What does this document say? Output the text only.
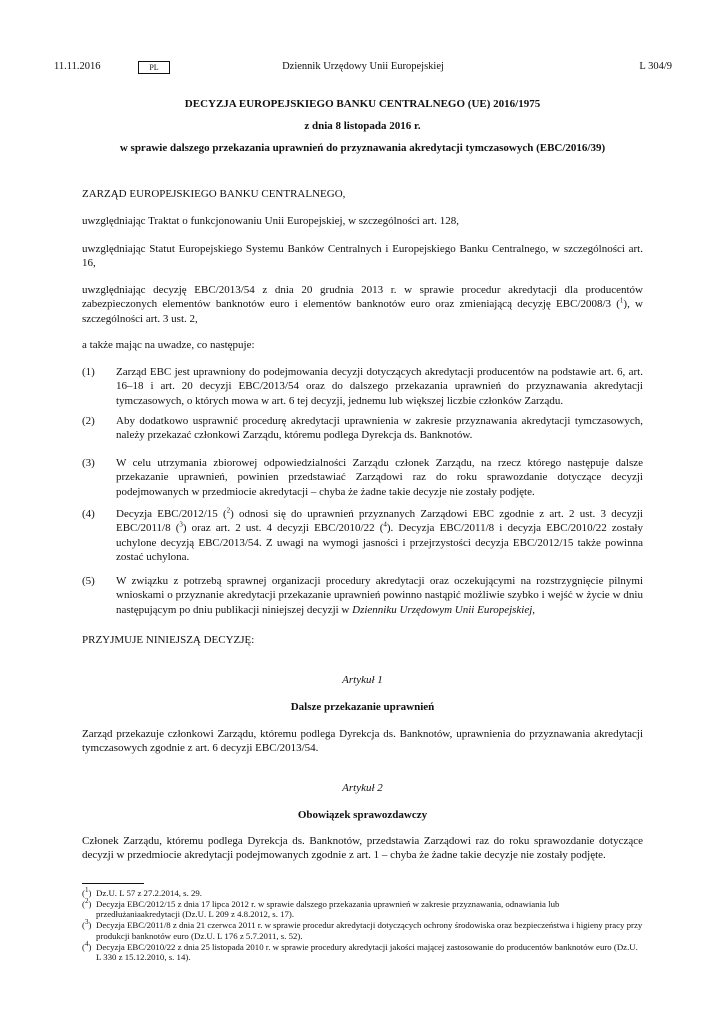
11.11.2016	Dziennik Urzędowy Unii Europejskiej
PL	L 304/9
DECYZJA EUROPEJSKIEGO BANKU CENTRALNEGO (UE) 2016/1975
z dnia 8 listopada 2016 r.
w sprawie dalszego przekazania uprawnień do przyznawania akredytacji tymczasowych (EBC/2016/39)
ZARZĄD EUROPEJSKIEGO BANKU CENTRALNEGO,
uwzględniając Traktat o funkcjonowaniu Unii Europejskiej, w szczególności art. 128,
uwzględniając Statut Europejskiego Systemu Banków Centralnych i Europejskiego Banku Centralnego, w szczególności art. 16,
uwzględniając decyzję EBC/2013/54 z dnia 20 grudnia 2013 r. w sprawie procedur akredytacji dla producentów zabezpieczonych elementów banknotów euro i elementów banknotów euro oraz zmieniającą decyzję EBC/2008/3 ($^1$), w szczególności art. 3 ust. 2,
a także mając na uwadze, co następuje:
(1) Zarząd EBC jest uprawniony do podejmowania decyzji dotyczących akredytacji producentów na podstawie art. 6, art. 16–18 i art. 20 decyzji EBC/2013/54 oraz do dalszego przekazania uprawnień do przyznawania akredytacji tymczasowych, o których mowa w art. 6 tej decyzji, jednemu lub większej liczbie członków Zarządu.
(2) Aby dodatkowo usprawnić procedurę akredytacji uprawnienia w zakresie przyznawania akredytacji tymczasowych, należy przekazać członkowi Zarządu, któremu podlega Dyrekcja ds. Banknotów.
(3) W celu utrzymania zbiorowej odpowiedzialności Zarządu członek Zarządu, na rzecz którego następuje dalsze przekazanie uprawnień, powinien przedstawiać Zarządowi raz do roku sprawozdanie dotyczące decyzji podejmowanych w przedmiocie akredytacji – chyba że żadne takie decyzje nie zostały podjęte.
(4) Decyzja EBC/2012/15 ($^2$) odnosi się do uprawnień przyznanych Zarządowi EBC zgodnie z art. 2 ust. 3 decyzji EBC/2011/8 ($^3$) oraz art. 2 ust. 4 decyzji EBC/2010/22 ($^4$). Decyzja EBC/2011/8 i decyzja EBC/2010/22 zostały uchylone decyzją EBC/2013/54. Z uwagi na wymogi jasności i przejrzystości decyzja EBC/2012/15 także powinna zostać uchylona.
(5) W związku z potrzebą sprawnej organizacji procedury akredytacji oraz oczekującymi na rozstrzygnięcie pilnymi wnioskami o przyznanie akredytacji przekazanie uprawnień powinno nastąpić możliwie szybko i wejść w życie w dniu następującym po dniu publikacji niniejszej decyzji w Dzienniku Urzędowym Unii Europejskiej,
PRZYJMUJE NINIEJSZĄ DECYZJĘ:
Artykuł 1
Dalsze przekazanie uprawnień
Zarząd przekazuje członkowi Zarządu, któremu podlega Dyrekcja ds. Banknotów, uprawnienia do przyznawania akredytacji tymczasowych zgodnie z art. 6 decyzji EBC/2013/54.
Artykuł 2
Obowiązek sprawozdawczy
Członek Zarządu, któremu podlega Dyrekcja ds. Banknotów, przedstawia Zarządowi raz do roku sprawozdanie dotyczące decyzji w przedmiocie akredytacji podejmowanych zgodnie z art. 1 – chyba że żadne takie decyzje nie zostały podjęte.
($^1$) Dz.U. L 57 z 27.2.2014, s. 29.
($^2$) Decyzja EBC/2012/15 z dnia 17 lipca 2012 r. w sprawie dalszego przekazania uprawnień w zakresie przyznawania, odnawiania lub przedłużaniaakredytacji (Dz.U. L 209 z 4.8.2012, s. 17).
($^3$) Decyzja EBC/2011/8 z dnia 21 czerwca 2011 r. w sprawie procedur akredytacji dotyczących ochrony środowiska oraz bezpieczeństwa i higieny pracy przy produkcji banknotów euro (Dz.U. L 176 z 5.7.2011, s. 52).
($^4$) Decyzja EBC/2010/22 z dnia 25 listopada 2010 r. w sprawie procedury akredytacji jakości mającej zastosowanie do producentów banknotów euro (Dz.U. L 330 z 15.12.2010, s. 14).
